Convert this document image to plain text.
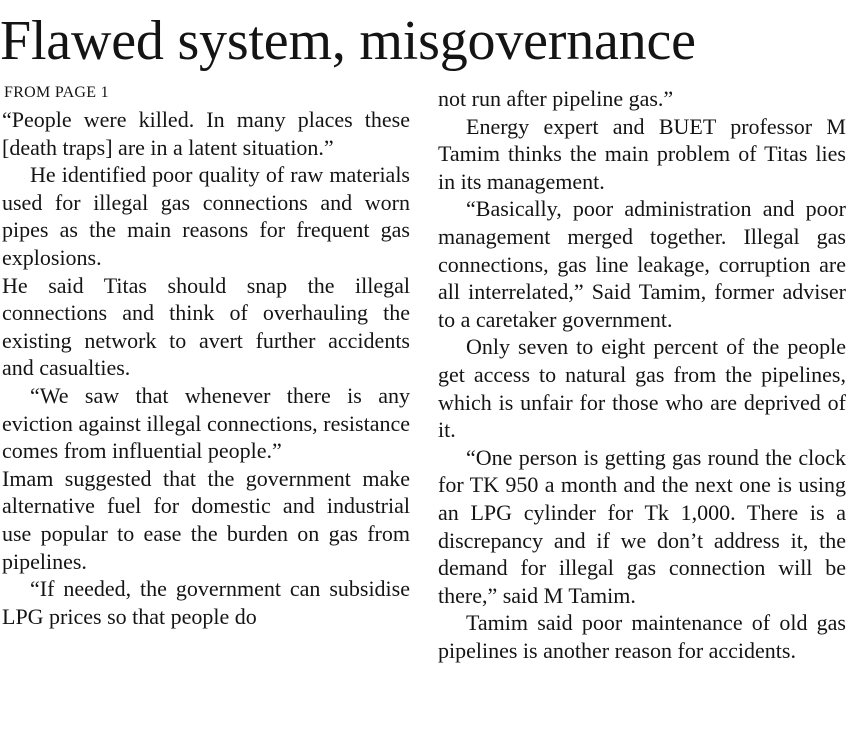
Flawed system, misgovernance
FROM PAGE 1

“People were killed. In many places these [death traps] are in a latent situation.”

He identified poor quality of raw materials used for illegal gas connections and worn pipes as the main reasons for frequent gas explosions.

He said Titas should snap the illegal connections and think of overhauling the existing network to avert further accidents and casualties.

“We saw that whenever there is any eviction against illegal connections, resistance comes from influential people.”

Imam suggested that the government make alternative fuel for domestic and industrial use popular to ease the burden on gas from pipelines.

“If needed, the government can subsidise LPG prices so that people do

not run after pipeline gas.”

Energy expert and BUET professor M Tamim thinks the main problem of Titas lies in its management.

“Basically, poor administration and poor management merged together. Illegal gas connections, gas line leakage, corruption are all interrelated,” Said Tamim, former adviser to a caretaker government.

Only seven to eight percent of the people get access to natural gas from the pipelines, which is unfair for those who are deprived of it.

“One person is getting gas round the clock for TK 950 a month and the next one is using an LPG cylinder for Tk 1,000. There is a discrepancy and if we don’t address it, the demand for illegal gas connection will be there,” said M Tamim.

Tamim said poor maintenance of old gas pipelines is another reason for accidents.
